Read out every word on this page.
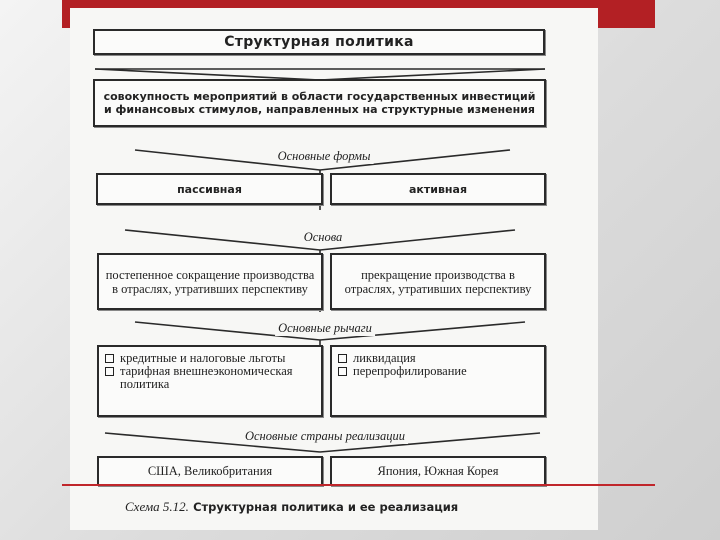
Структурная политика
совокупность мероприятий в области государственных инвестиций и финансовых стимулов, направленных на структурные изменения
Основные формы
пассивная	активная
Основа
постепенное сокращение производства в отраслях, утративших перспективу
прекращение производства в отраслях, утративших перспективу
Основные рычаги
кредитные и налоговые льготы
тарифная внешнеэкономическая политика
ликвидация
перепрофилирование
Основные страны реализации
США, Великобритания	Япония, Южная Корея
Схема 5.12. Структурная политика и ее реализация
